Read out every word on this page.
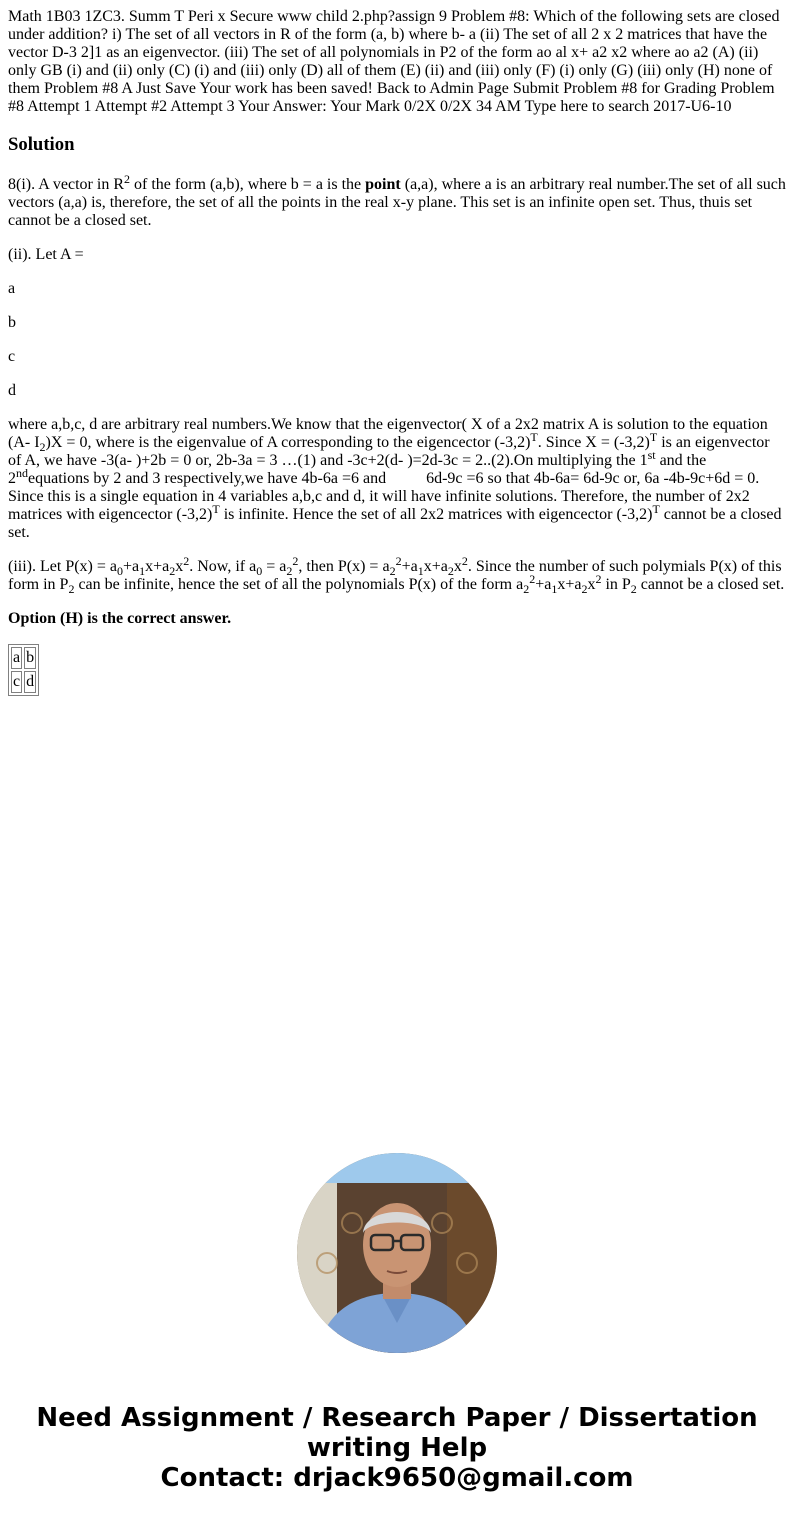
Math 1B03 1ZC3. Summ T Peri x Secure www child 2.php?assign 9 Problem #8: Which of the following sets are closed under addition? i) The set of all vectors in R of the form (a, b) where b- a (ii) The set of all 2 x 2 matrices that have the vector D-3 2]1 as an eigenvector. (iii) The set of all polynomials in P2 of the form ao al x+ a2 x2 where ao a2 (A) (ii) only GB (i) and (ii) only (C) (i) and (iii) only (D) all of them (E) (ii) and (iii) only (F) (i) only (G) (iii) only (H) none of them Problem #8 A Just Save Your work has been saved! Back to Admin Page Submit Problem #8 for Grading Problem #8 Attempt 1 Attempt #2 Attempt 3 Your Answer: Your Mark 0/2X 0/2X 34 AM Type here to search 2017-U6-10
Solution

8(i). A vector in $R^2$ of the form (a,b), where b = a is the point (a,a), where a is an arbitrary real number.The set of all such vectors (a,a) is, therefore, the set of all the points in the real x-y plane. This set is an infinite open set. Thus, thuis set cannot be a closed set.

(ii). Let A =

a

b

c

d

where a,b,c, d are arbitrary real numbers.We know that the eigenvector( X of a 2x2 matrix A is solution to the equation (A- $I_2)X = 0$, where is the eigenvalue of A corresponding to the eigencector $(-3,2)^T$. Since $X = (-3,2)^T$ is an eigenvector of A, we have -3(a- )+2b = 0 or, 2b-3a = 3 …(1) and -3c+2(d- )=2d-3c = 2..(2).On multiplying the 1st and the 2ndequations by 2 and 3 respectively,we have 4b-6a =6 and	6d-9c =6 so that 4b-6a= 6d-9c or, 6a -4b-9c+6d = 0. Since this is a single equation in 4 variables a,b,c and d, it will have infinite solutions. Therefore, the number of 2x2 matrices with eigencector $(-3,2)^T$ is infinite. Hence the set of all 2x2 matrices with eigencector $(-3,2)^T$ cannot be a closed set.

(iii). Let $P(x) = a_0+a_1x+a_2x^2$. Now, if $a_0 = a_2^2$, then $P(x) = a_2^2+a_1x+a_2x^2$. Since the number of such polymials P(x) of this form in $P_2$ can be infinite, hence the set of all the polynomials P(x) of the form $a_2^2+a_1x+a_2x^2$ in $P_2$ cannot be a closed set.

Option (H) is the correct answer.

a	b
c	d
Need Assignment / Research Paper / Dissertation
writing Help
Contact: drjack9650@gmail.com
